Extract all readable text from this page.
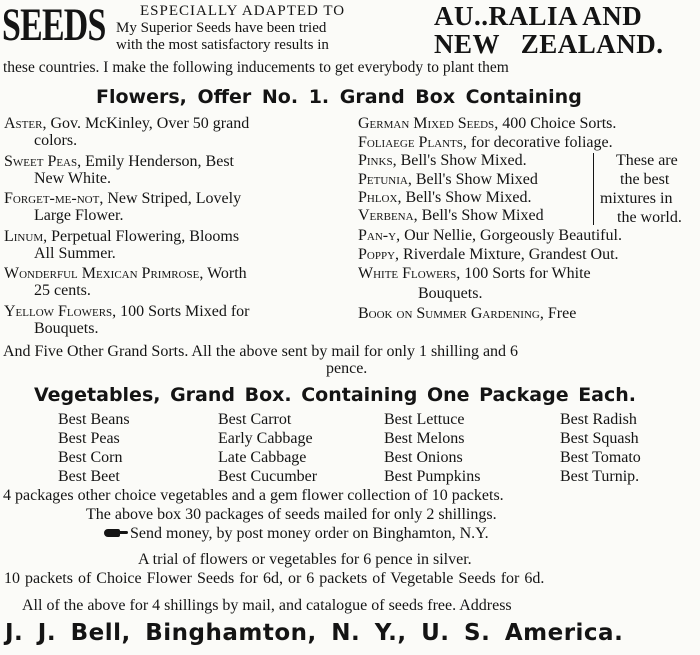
SEEDS ESPECIALLY ADAPTED TO
My Superior Seeds have been tried
with the most satisfactory results in
AU..RALIA AND
NEW ZEALAND.
these countries. I make the following inducements to get everybody to plant them
Flowers, Offer No. 1. Grand Box Containing
Aster, Gov. McKinley, Over 50 grand
colors.
Sweet Peas, Emily Henderson, Best
New White.
Forget-me-not, New Striped, Lovely
Large Flower.
Linum, Perpetual Flowering, Blooms
All Summer.
Wonderful Mexican Primrose, Worth
25 cents.
Yellow Flowers, 100 Sorts Mixed for
Bouquets.
German Mixed Seeds, 400 Choice Sorts.
Foliaege Plants, for decorative foliage.
Pinks, Bell's Show Mixed.
Petunia, Bell's Show Mixed
Phlox, Bell's Show Mixed.
Verbena, Bell's Show Mixed
Pan-y, Our Nellie, Gorgeously Beautiful.
Poppy, Riverdale Mixture, Grandest Out.
White Flowers, 100 Sorts for White
Bouquets.
Book on Summer Gardening, Free
These are
the best
mixtures in
the world.
And Five Other Grand Sorts. All the above sent by mail for only 1 shilling and 6
pence.
Vegetables, Grand Box. Containing One Package Each.
Best Beans
Best Peas
Best Corn
Best Beet
Best Carrot
Early Cabbage
Late Cabbage
Best Cucumber
Best Lettuce
Best Melons
Best Onions
Best Pumpkins
Best Radish
Best Squash
Best Tomato
Best Turnip.
4 packages other choice vegetables and a gem flower collection of 10 packets.
The above box 30 packages of seeds mailed for only 2 shillings.
Send money, by post money order on Binghamton, N.Y.
A trial of flowers or vegetables for 6 pence in silver.
10 packets of Choice Flower Seeds for 6d, or 6 packets of Vegetable Seeds for 6d.
All of the above for 4 shillings by mail, and catalogue of seeds free. Address
J. J. Bell, Binghamton, N. Y., U. S. America.
